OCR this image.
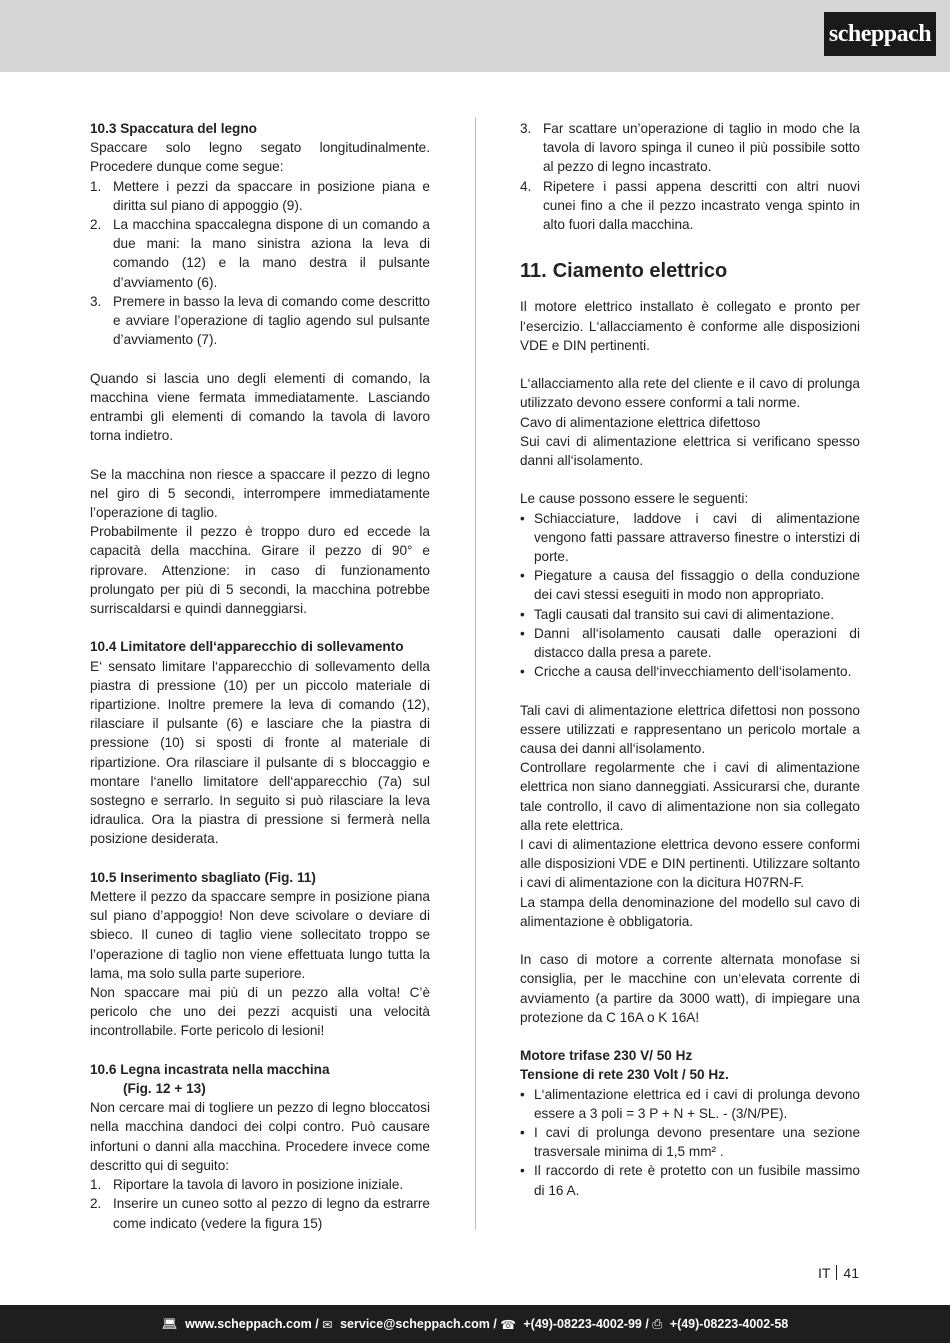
scheppach

10.3 Spaccatura del legno

Spaccare solo legno segato longitudinalmente. Procedere dunque come segue:

1. Mettere i pezzi da spaccare in posizione piana e diritta sul piano di appoggio (9).
2. La macchina spaccalegna dispone di un comando a due mani: la mano sinistra aziona la leva di comando (12) e la mano destra il pulsante d’avviamento (6).
3. Premere in basso la leva di comando come descritto e avviare l’operazione di taglio agendo sul pulsante d’avviamento (7).

Quando si lascia uno degli elementi di comando, la macchina viene fermata immediatamente. Lasciando entrambi gli elementi di comando la tavola di lavoro torna indietro.

Se la macchina non riesce a spaccare il pezzo di legno nel giro di 5 secondi, interrompere immediatamente l’operazione di taglio.

Probabilmente il pezzo è troppo duro ed eccede la capacità della macchina. Girare il pezzo di 90° e riprovare. Attenzione: in caso di funzionamento prolungato per più di 5 secondi, la macchina potrebbe surriscaldarsi e quindi danneggiarsi.

10.4 Limitatore dell‘apparecchio di sollevamento

E‘ sensato limitare l‘apparecchio di sollevamento della piastra di pressione (10) per un piccolo materiale di ripartizione. Inoltre premere la leva di comando (12), rilasciare il pulsante (6) e lasciare che la piastra di pressione (10) si sposti di fronte al materiale di ripartizione. Ora rilasciare il pulsante di s bloccaggio e montare l‘anello limitatore dell‘apparecchio (7a) sul sostegno e serrarlo. In seguito si può rilasciare la leva idraulica. Ora la piastra di pressione si fermerà nella posizione desiderata.

10.5 Inserimento sbagliato (Fig. 11)

Mettere il pezzo da spaccare sempre in posizione piana sul piano d’appoggio! Non deve scivolare o deviare di sbieco. Il cuneo di taglio viene sollecitato troppo se l’operazione di taglio non viene effettuata lungo tutta la lama, ma solo sulla parte superiore.

Non spaccare mai più di un pezzo alla volta! C’è pericolo che uno dei pezzi acquisti una velocità incontrollabile. Forte pericolo di lesioni!

10.6 Legna incastrata nella macchina

(Fig. 12 + 13)

Non cercare mai di togliere un pezzo di legno bloccatosi nella macchina dandoci dei colpi contro. Può causare infortuni o danni alla macchina. Procedere invece come descritto qui di seguito:

1. Riportare la tavola di lavoro in posizione iniziale.
2. Inserire un cuneo sotto al pezzo di legno da estrarre come indicato (vedere la figura 15)
3. Far scattare un’operazione di taglio in modo che la tavola di lavoro spinga il cuneo il più possibile sotto al pezzo di legno incastrato.
4. Ripetere i passi appena descritti con altri nuovi cunei fino a che il pezzo incastrato venga spinto in alto fuori dalla macchina.
11. Ciamento elettrico

Il motore elettrico installato è collegato e pronto per l‘esercizio. L‘allacciamento è conforme alle disposizioni VDE e DIN pertinenti.

L‘allacciamento alla rete del cliente e il cavo di prolunga utilizzato devono essere conformi a tali norme.

Cavo di alimentazione elettrica difettoso

Sui cavi di alimentazione elettrica si verificano spesso danni all‘isolamento.

Le cause possono essere le seguenti:

• Schiacciature, laddove i cavi di alimentazione vengono fatti passare attraverso finestre o interstizi di porte.
• Piegature a causa del fissaggio o della conduzione dei cavi stessi eseguiti in modo non appropriato.
• Tagli causati dal transito sui cavi di alimentazione.
• Danni all‘isolamento causati dalle operazioni di distacco dalla presa a parete.
• Cricche a causa dell‘invecchiamento dell‘isolamento.

Tali cavi di alimentazione elettrica difettosi non possono essere utilizzati e rappresentano un pericolo mortale a causa dei danni all‘isolamento.

Controllare regolarmente che i cavi di alimentazione elettrica non siano danneggiati. Assicurarsi che, durante tale controllo, il cavo di alimentazione non sia collegato alla rete elettrica.

I cavi di alimentazione elettrica devono essere conformi alle disposizioni VDE e DIN pertinenti. Utilizzare soltanto i cavi di alimentazione con la dicitura H07RN-F.

La stampa della denominazione del modello sul cavo di alimentazione è obbligatoria.

In caso di motore a corrente alternata monofase si consiglia, per le macchine con un‘elevata corrente di avviamento (a partire da 3000 watt), di impiegare una protezione da C 16A o K 16A!

Motore trifase 230 V/ 50 Hz

Tensione di rete 230 Volt / 50 Hz.

• L‘alimentazione elettrica ed i cavi di prolunga devono essere a 3 poli = 3 P + N + SL. - (3/N/PE).
• I cavi di prolunga devono presentare una sezione trasversale minima di 1,5 mm² .
• Il raccordo di rete è protetto con un fusibile massimo di 16 A.
IT 41
💻︎ www.scheppach.com /
✉ service@scheppach.com /
☎ +(49)-08223-4002-99 /
⎙ +(49)-08223-4002-58
